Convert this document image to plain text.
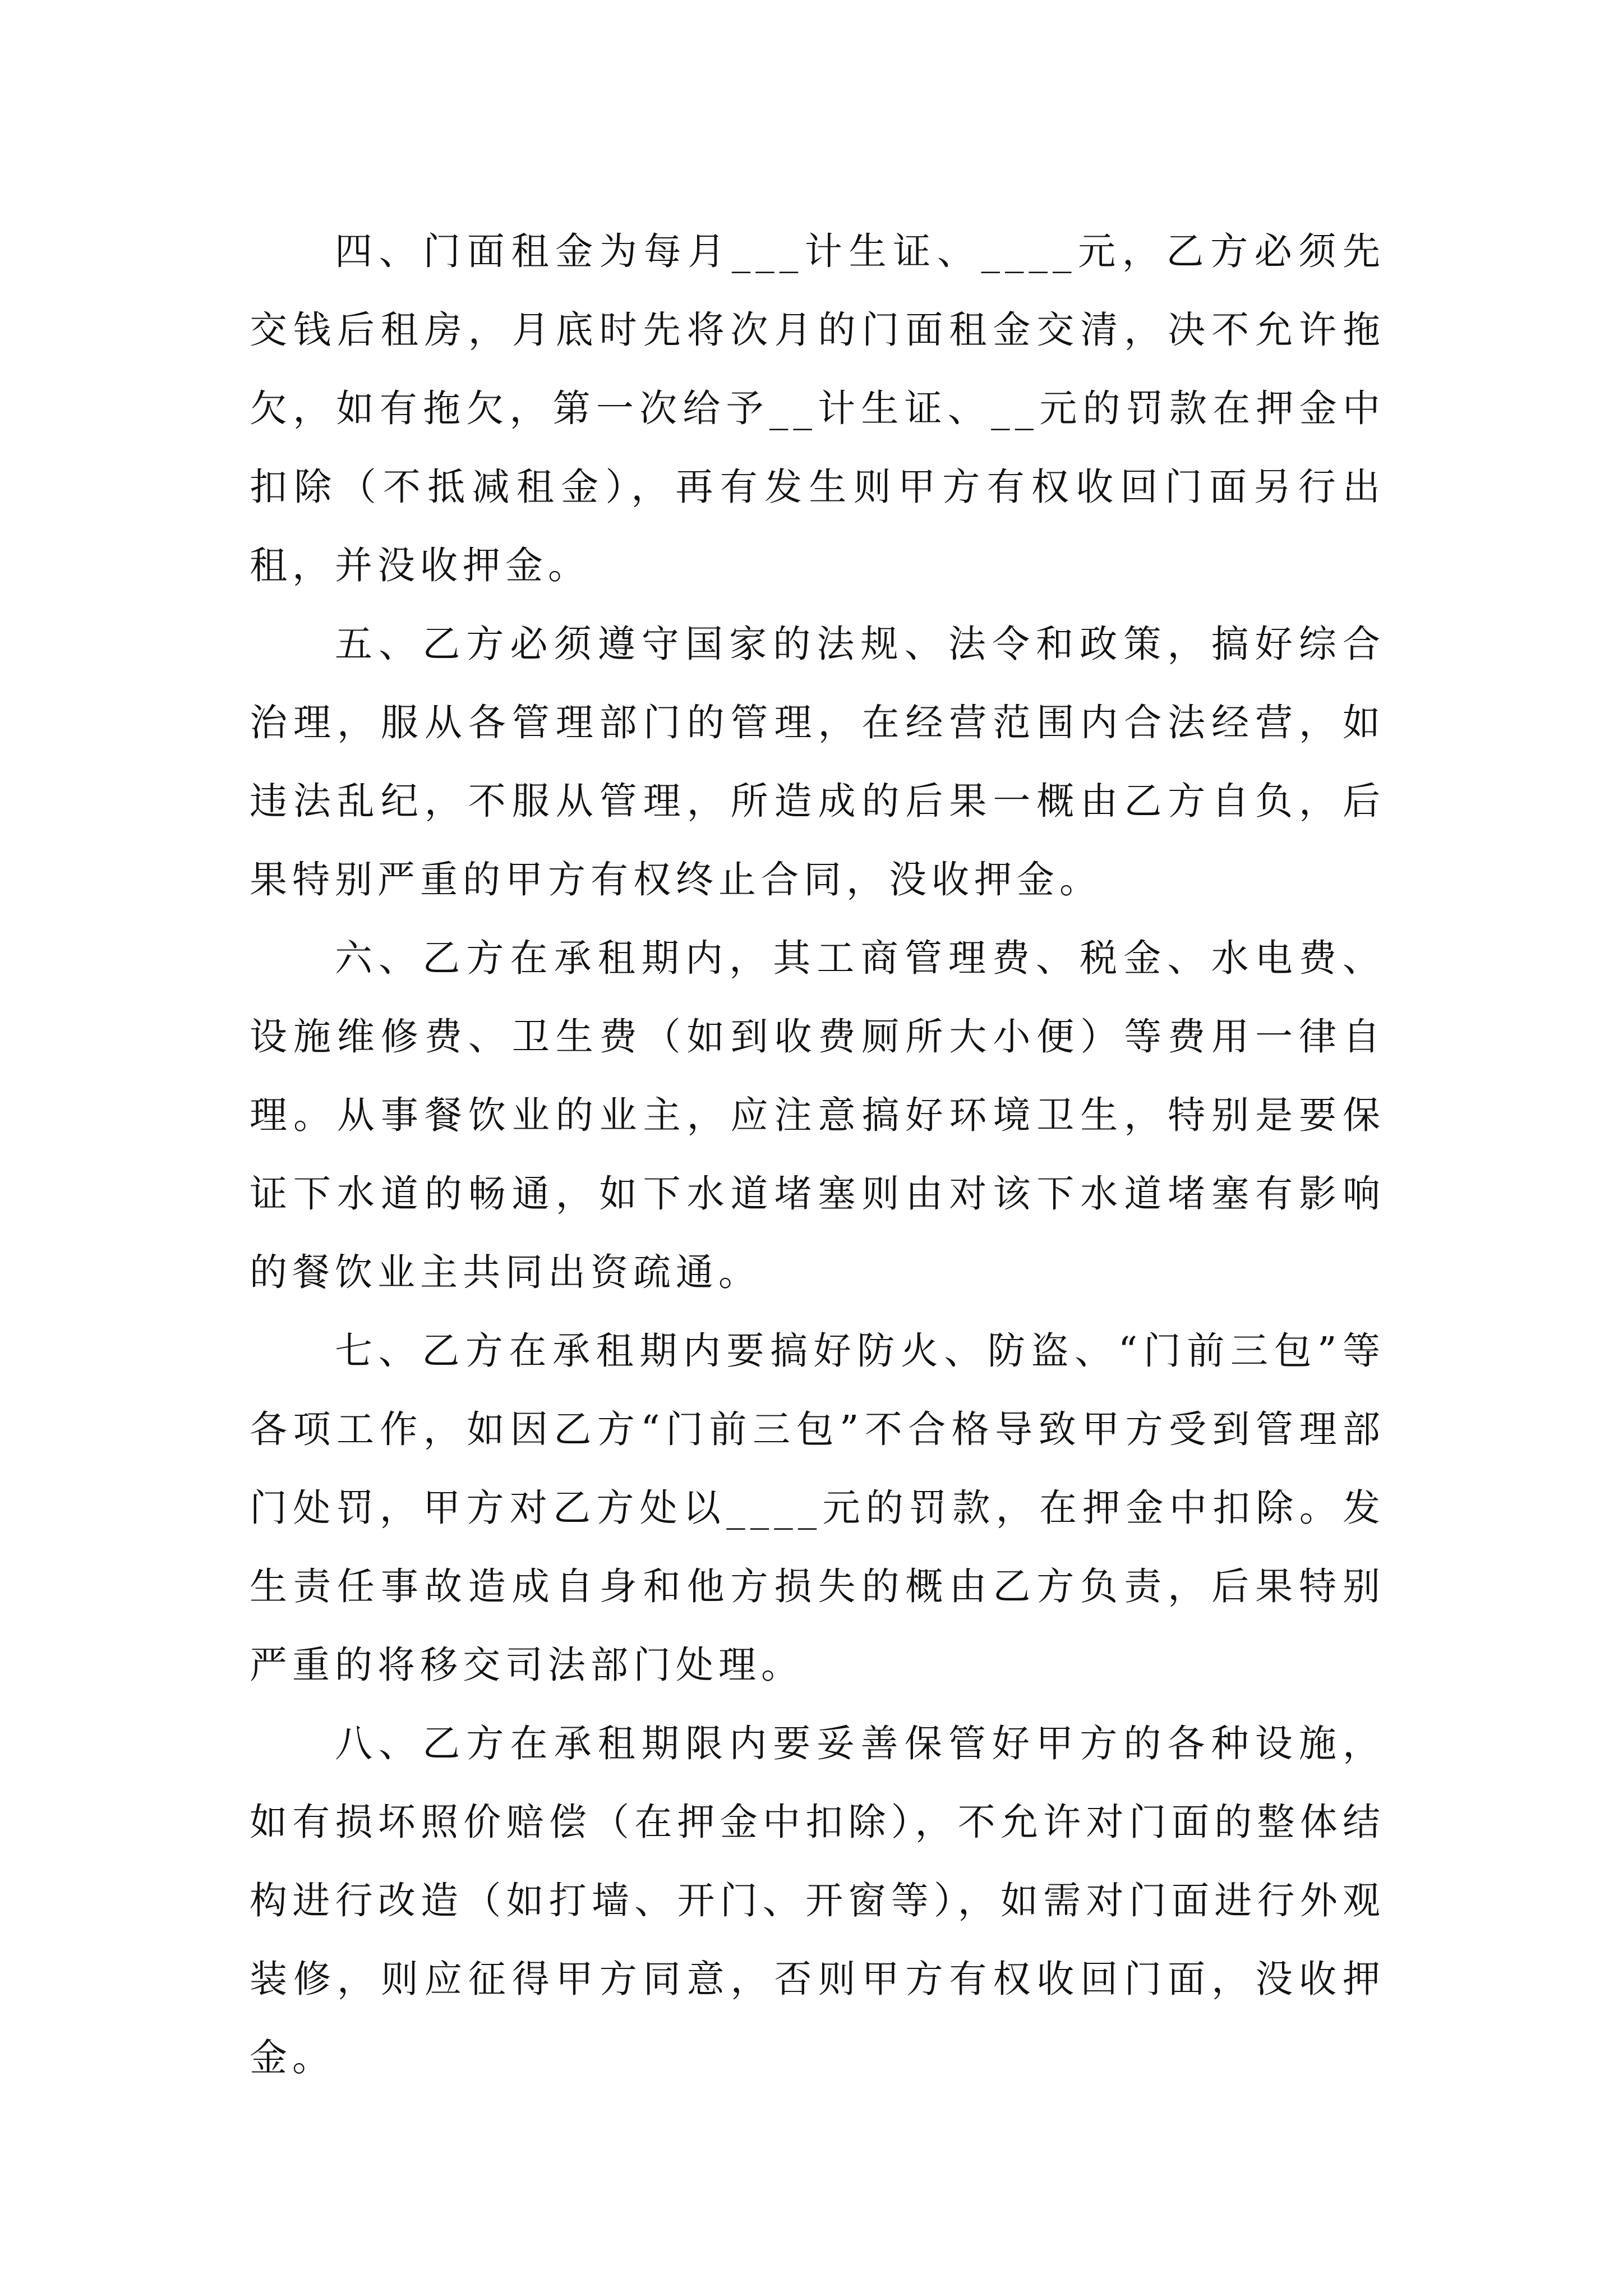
四、门面租金为每月___计生证、____元，乙方必须先交钱后租房，月底时先将次月的门面租金交清，决不允许拖欠，如有拖欠，第一次给予__计生证、__元的罚款在押金中扣除（不抵减租金），再有发生则甲方有权收回门面另行出租，并没收押金。

五、乙方必须遵守国家的法规、法令和政策，搞好综合治理，服从各管理部门的管理，在经营范围内合法经营，如违法乱纪，不服从管理，所造成的后果一概由乙方自负，后果特别严重的甲方有权终止合同，没收押金。

六、乙方在承租期内，其工商管理费、税金、水电费、设施维修费、卫生费（如到收费厕所大小便）等费用一律自理。从事餐饮业的业主，应注意搞好环境卫生，特别是要保证下水道的畅通，如下水道堵塞则由对该下水道堵塞有影响的餐饮业主共同出资疏通。

七、乙方在承租期内要搞好防火、防盗、“门前三包”等各项工作，如因乙方“门前三包”不合格导致甲方受到管理部门处罚，甲方对乙方处以____元的罚款，在押金中扣除。发生责任事故造成自身和他方损失的概由乙方负责，后果特别严重的将移交司法部门处理。

八、乙方在承租期限内要妥善保管好甲方的各种设施，如有损坏照价赔偿（在押金中扣除），不允许对门面的整体结构进行改造（如打墙、开门、开窗等），如需对门面进行外观装修，则应征得甲方同意，否则甲方有权收回门面，没收押金。
